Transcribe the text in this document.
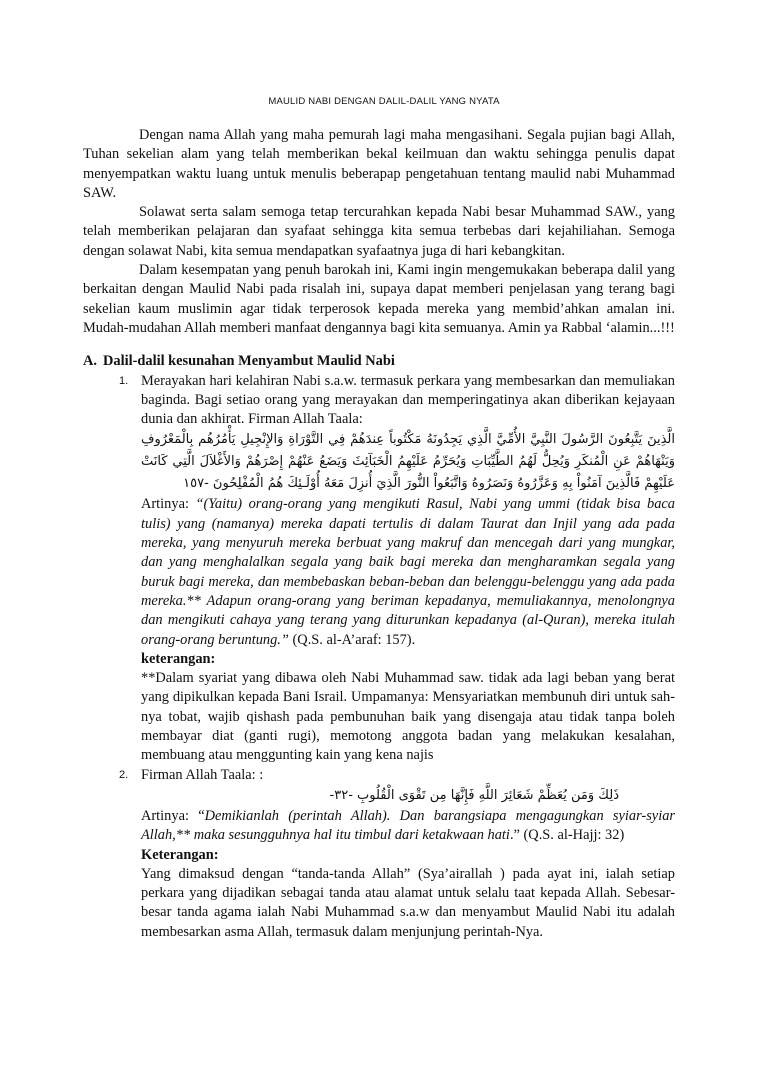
MAULID NABI DENGAN DALIL-DALIL YANG NYATA

Dengan nama Allah yang maha pemurah lagi maha mengasihani. Segala pujian bagi Allah, Tuhan sekelian alam yang telah memberikan bekal keilmuan dan waktu sehingga penulis dapat menyempatkan waktu luang untuk menulis beberapap pengetahuan tentang maulid nabi Muhammad SAW.

Solawat serta salam semoga tetap tercurahkan kepada Nabi besar Muhammad SAW., yang telah memberikan pelajaran dan syafaat sehingga kita semua terbebas dari kejahiliahan. Semoga dengan solawat Nabi, kita semua mendapatkan syafaatnya juga di hari kebangkitan.

Dalam kesempatan yang penuh barokah ini, Kami ingin mengemukakan beberapa dalil yang berkaitan dengan Maulid Nabi pada risalah ini, supaya dapat memberi penjelasan yang terang bagi sekelian kaum muslimin agar tidak terperosok kepada mereka yang membid’ahkan amalan ini. Mudah-mudahan Allah memberi manfaat dengannya bagi kita semuanya. Amin ya Rabbal ‘alamin...!!!

A. Dalil-dalil kesunahan Menyambut Maulid Nabi
1. Merayakan hari kelahiran Nabi s.a.w. termasuk perkara yang membesarkan dan memuliakan baginda. Bagi setiao orang yang merayakan dan memperingatinya akan diberikan kejayaan dunia dan akhirat. Firman Allah Taala:

الَّذِينَ يَتَّبِعُونَ الرَّسُولَ النَّبِيَّ الأُمِّيَّ الَّذِي يَجِدُونَهُ مَكْتُوباً عِندَهُمْ فِي التَّوْرَاةِ وَالإِنْجِيلِ يَأْمُرُهُم بِالْمَعْرُوفِ وَيَنْهَاهُمْ عَنِ الْمُنكَرِ وَيُحِلُّ لَهُمُ الطَّيِّبَاتِ وَيُحَرِّمُ عَلَيْهِمُ الْخَبَآئِثَ وَيَضَعُ عَنْهُمْ إِصْرَهُمْ وَالأَغْلاَلَ الَّتِي كَانَتْ عَلَيْهِمْ فَالَّذِينَ آمَنُواْ بِهِ وَعَزَّرُوهُ وَنَصَرُوهُ وَاتَّبَعُواْ النُّورَ الَّذِيَ أُنزِلَ مَعَهُ أُوْلَـئِكَ هُمُ الْمُفْلِحُونَ -١٥٧

Artinya: “(Yaitu) orang-orang yang mengikuti Rasul, Nabi yang ummi (tidak bisa baca tulis) yang (namanya) mereka dapati tertulis di dalam Taurat dan Injil yang ada pada mereka, yang menyuruh mereka berbuat yang makruf dan mencegah dari yang mungkar, dan yang menghalalkan segala yang baik bagi mereka dan mengharamkan segala yang buruk bagi mereka, dan membebaskan beban-beban dan belenggu-belenggu yang ada pada mereka.** Adapun orang-orang yang beriman kepadanya, memuliakannya, menolongnya dan mengikuti cahaya yang terang yang diturunkan kepadanya (al-Quran), mereka itulah orang-orang beruntung.” (Q.S. al-A’araf: 157).

keterangan:

**Dalam syariat yang dibawa oleh Nabi Muhammad saw. tidak ada lagi beban yang berat yang dipikulkan kepada Bani Israil. Umpamanya: Mensyariatkan membunuh diri untuk sah-nya tobat, wajib qishash pada pembunuhan baik yang disengaja atau tidak tanpa boleh membayar diat (ganti rugi), memotong anggota badan yang melakukan kesalahan, membuang atau menggunting kain yang kena najis

2. Firman Allah Taala: :

ذَلِكَ وَمَن يُعَظِّمْ شَعَائِرَ اللَّهِ فَإِنَّهَا مِن تَقْوَى الْقُلُوبِ -٣٢-

Artinya: “Demikianlah (perintah Allah). Dan barangsiapa mengagungkan syiar-syiar Allah,** maka sesungguhnya hal itu timbul dari ketakwaan hati.” (Q.S. al-Hajj: 32)

Keterangan:

Yang dimaksud dengan “tanda-tanda Allah” (Sya’airallah ) pada ayat ini, ialah setiap perkara yang dijadikan sebagai tanda atau alamat untuk selalu taat kepada Allah. Sebesar-besar tanda agama ialah Nabi Muhammad s.a.w dan menyambut Maulid Nabi itu adalah membesarkan asma Allah, termasuk dalam menjunjung perintah-Nya.
